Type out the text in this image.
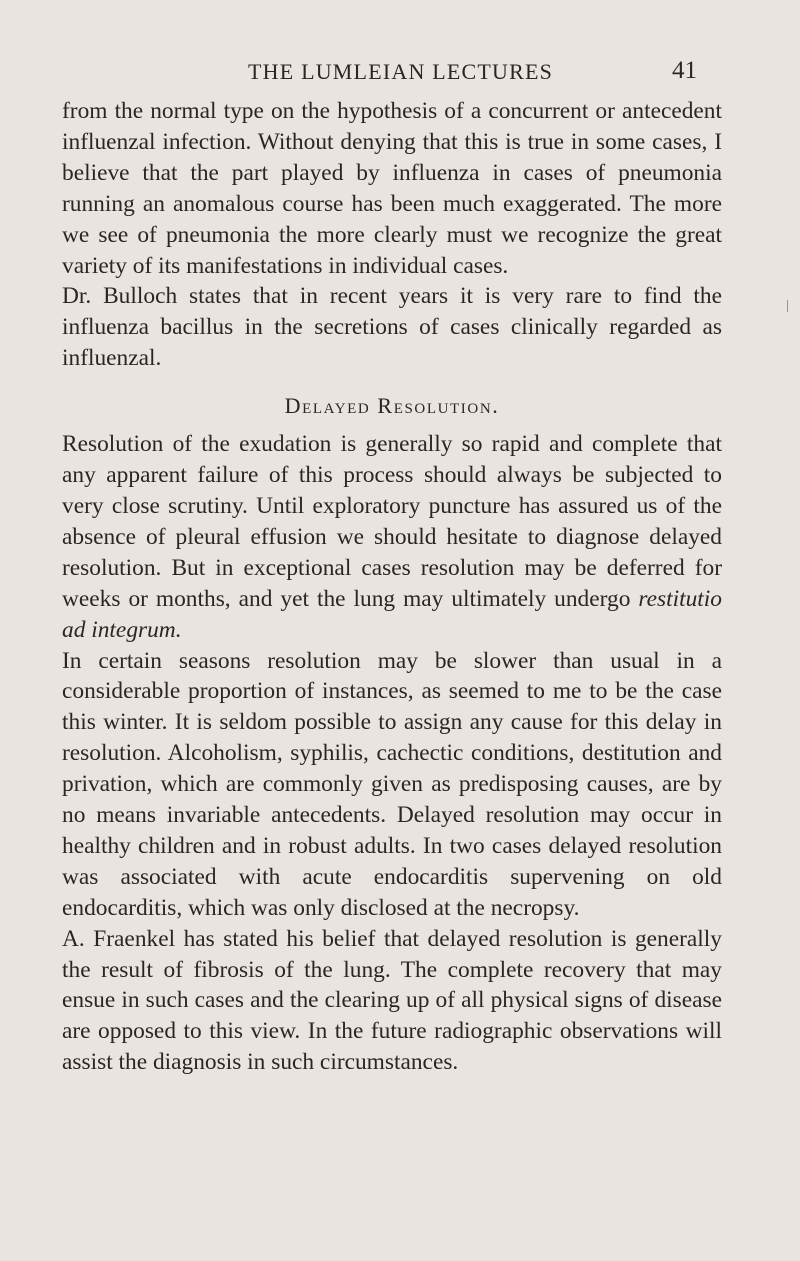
THE LUMLEIAN LECTURES	41

from the normal type on the hypothesis of a concurrent or antecedent influenzal infection. Without denying that this is true in some cases, I believe that the part played by influenza in cases of pneumonia running an anomalous course has been much exaggerated. The more we see of pneumonia the more clearly must we recognize the great variety of its manifestations in individual cases.

Dr. Bulloch states that in recent years it is very rare to find the influenza bacillus in the secretions of cases clinically regarded as influenzal.

Delayed Resolution.

Resolution of the exudation is generally so rapid and complete that any apparent failure of this process should always be subjected to very close scrutiny. Until exploratory puncture has assured us of the absence of pleural effusion we should hesitate to diagnose delayed resolution. But in exceptional cases resolution may be deferred for weeks or months, and yet the lung may ultimately undergo restitutio ad integrum.

In certain seasons resolution may be slower than usual in a considerable proportion of instances, as seemed to me to be the case this winter. It is seldom possible to assign any cause for this delay in resolution. Alcoholism, syphilis, cachectic conditions, destitution and privation, which are commonly given as predisposing causes, are by no means invariable antecedents. Delayed resolution may occur in healthy children and in robust adults. In two cases delayed resolution was associated with acute endocarditis supervening on old endocarditis, which was only disclosed at the necropsy.

A. Fraenkel has stated his belief that delayed resolution is generally the result of fibrosis of the lung. The complete recovery that may ensue in such cases and the clearing up of all physical signs of disease are opposed to this view. In the future radiographic observations will assist the diagnosis in such circumstances.
